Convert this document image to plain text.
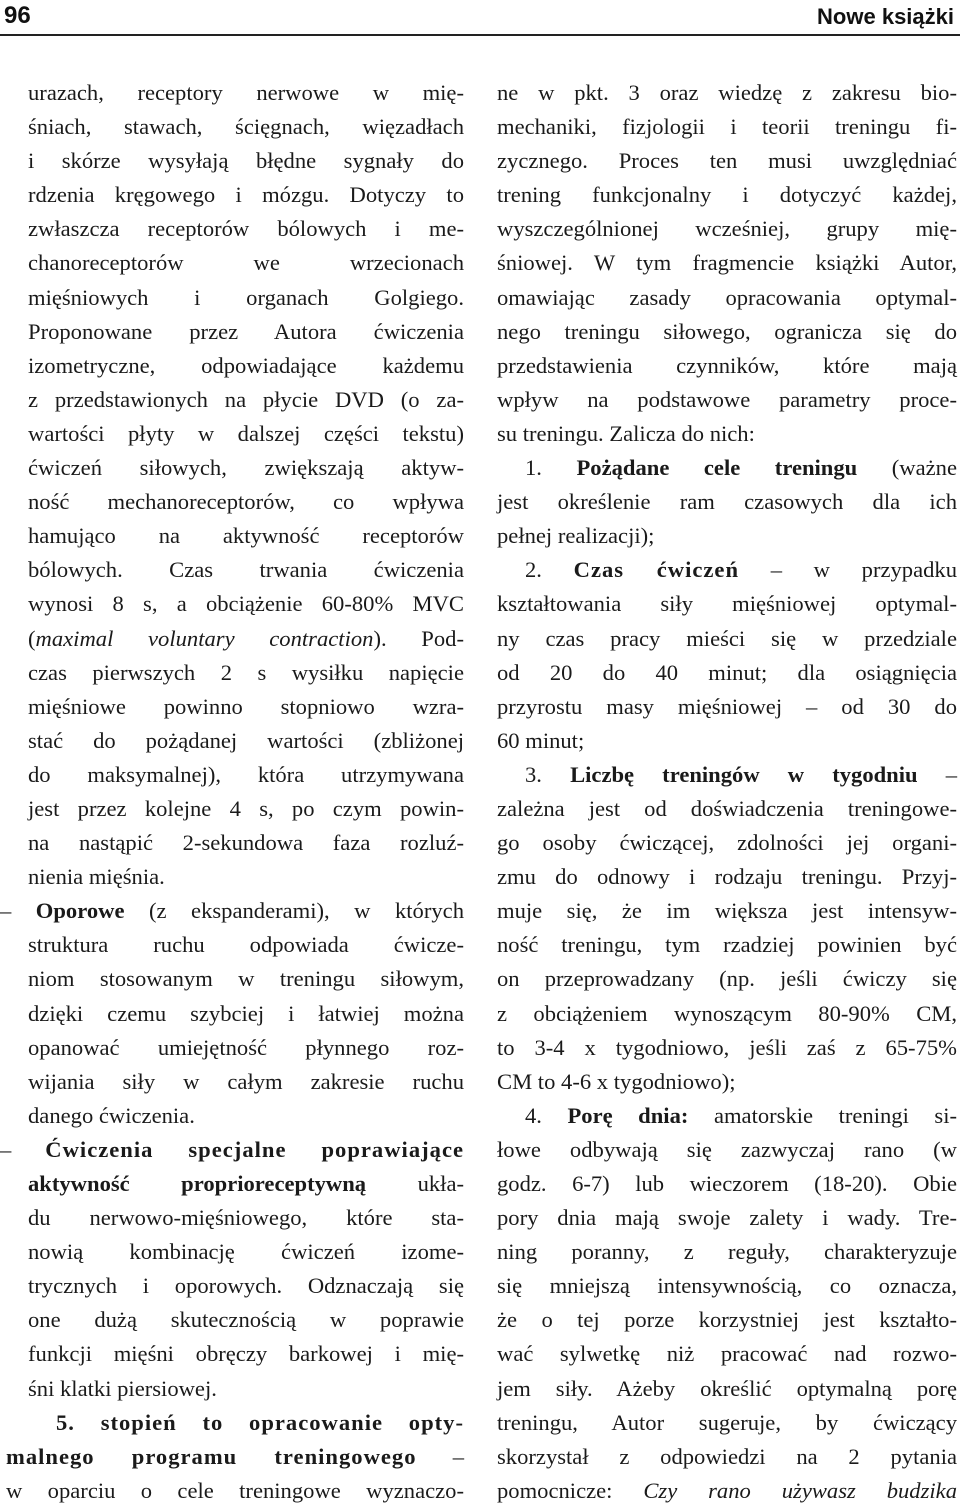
96	Nowe książki
urazach, receptory nerwowe w mię-
śniach, stawach, ścięgnach, więzadłach
i skórze wysyłają błędne sygnały do
rdzenia kręgowego i mózgu. Dotyczy to
zwłaszcza receptorów bólowych i me-
chanoreceptorów we wrzecionach
mięśniowych i organach Golgiego.
Proponowane przez Autora ćwiczenia
izometryczne, odpowiadające każdemu
z przedstawionych na płycie DVD (o za-
wartości płyty w dalszej części tekstu)
ćwiczeń siłowych, zwiększają aktyw-
ność mechanoreceptorów, co wpływa
hamująco na aktywność receptorów
bólowych. Czas trwania ćwiczenia
wynosi 8 s, a obciążenie 60-80% MVC
(maximal voluntary contraction). Pod-
czas pierwszych 2 s wysiłku napięcie
mięśniowe powinno stopniowo wzra-
stać do pożądanej wartości (zbliżonej
do maksymalnej), która utrzymywana
jest przez kolejne 4 s, po czym powin-
na nastąpić 2-sekundowa faza rozluź-
nienia mięśnia.
– Oporowe (z ekspanderami), w których
struktura ruchu odpowiada ćwicze-
niom stosowanym w treningu siłowym,
dzięki czemu szybciej i łatwiej można
opanować umiejętność płynnego roz-
wijania siły w całym zakresie ruchu
danego ćwiczenia.
– Ćwiczenia specjalne poprawiające
aktywność proprioreceptywną ukła-
du nerwowo-mięśniowego, które sta-
nowią kombinację ćwiczeń izome-
trycznych i oporowych. Odznaczają się
one dużą skutecznością w poprawie
funkcji mięśni obręczy barkowej i mię-
śni klatki piersiowej.
5. stopień to opracowanie opty-
malnego programu treningowego –
w oparciu o cele treningowe wyznaczo-
ne w pkt. 3 oraz wiedzę z zakresu bio-
mechaniki, fizjologii i teorii treningu fi-
zycznego. Proces ten musi uwzględniać
trening funkcjonalny i dotyczyć każdej,
wyszczególnionej wcześniej, grupy mię-
śniowej. W tym fragmencie książki Autor,
omawiając zasady opracowania optymal-
nego treningu siłowego, ogranicza się do
przedstawienia czynników, które mają
wpływ na podstawowe parametry proce-
su treningu. Zalicza do nich:
1. Pożądane cele treningu (ważne
jest określenie ram czasowych dla ich
pełnej realizacji);
2. Czas ćwiczeń – w przypadku
kształtowania siły mięśniowej optymal-
ny czas pracy mieści się w przedziale
od 20 do 40 minut; dla osiągnięcia
przyrostu masy mięśniowej – od 30 do
60 minut;
3. Liczbę treningów w tygodniu –
zależna jest od doświadczenia treningowe-
go osoby ćwiczącej, zdolności jej organi-
zmu do odnowy i rodzaju treningu. Przyj-
muje się, że im większa jest intensyw-
ność treningu, tym rzadziej powinien być
on przeprowadzany (np. jeśli ćwiczy się
z obciążeniem wynoszącym 80-90% CM,
to 3-4 x tygodniowo, jeśli zaś z 65-75%
CM to 4-6 x tygodniowo);
4. Porę dnia: amatorskie treningi si-
łowe odbywają się zazwyczaj rano (w
godz. 6-7) lub wieczorem (18-20). Obie
pory dnia mają swoje zalety i wady. Tre-
ning poranny, z reguły, charakteryzuje
się mniejszą intensywnością, co oznacza,
że o tej porze korzystniej jest kształto-
wać sylwetkę niż pracować nad rozwo-
jem siły. Ażeby określić optymalną porę
treningu, Autor sugeruje, by ćwiczący
skorzystał z odpowiedzi na 2 pytania
pomocnicze: Czy rano używasz budzika
